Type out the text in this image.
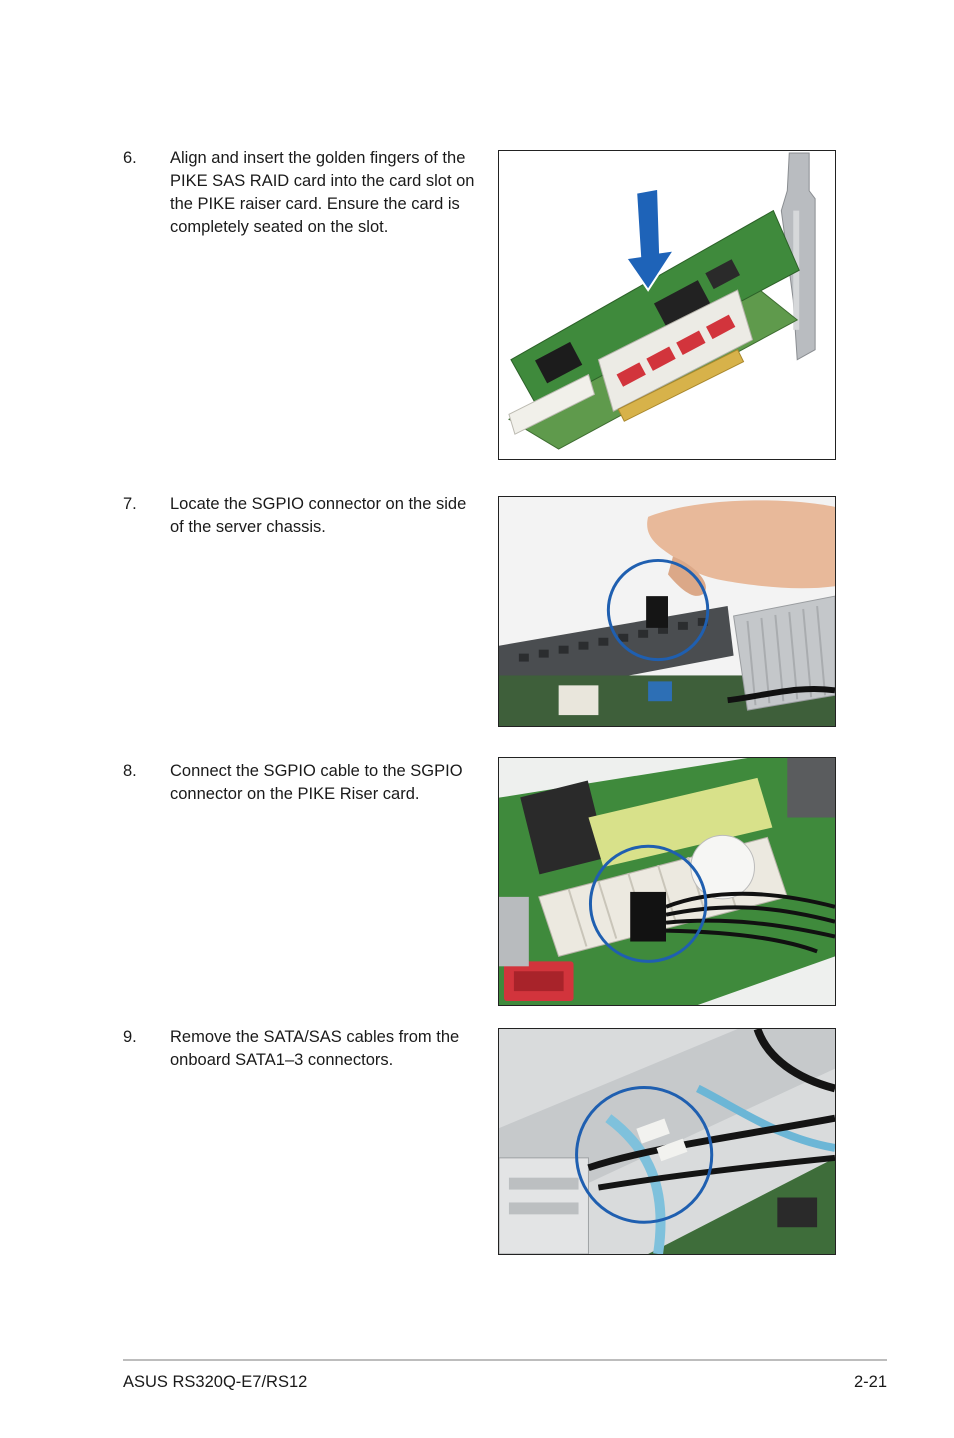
6. Align and insert the golden fingers of the PIKE SAS RAID card into the card slot on the PIKE raiser card. Ensure the card is completely seated on the slot.
7. Locate the SGPIO connector on the side of the server chassis.
8. Connect the SGPIO cable to the SGPIO connector on the PIKE Riser card.
9. Remove the SATA/SAS cables from the onboard SATA1–3 connectors.
ASUS RS320Q-E7/RS12	2-21
